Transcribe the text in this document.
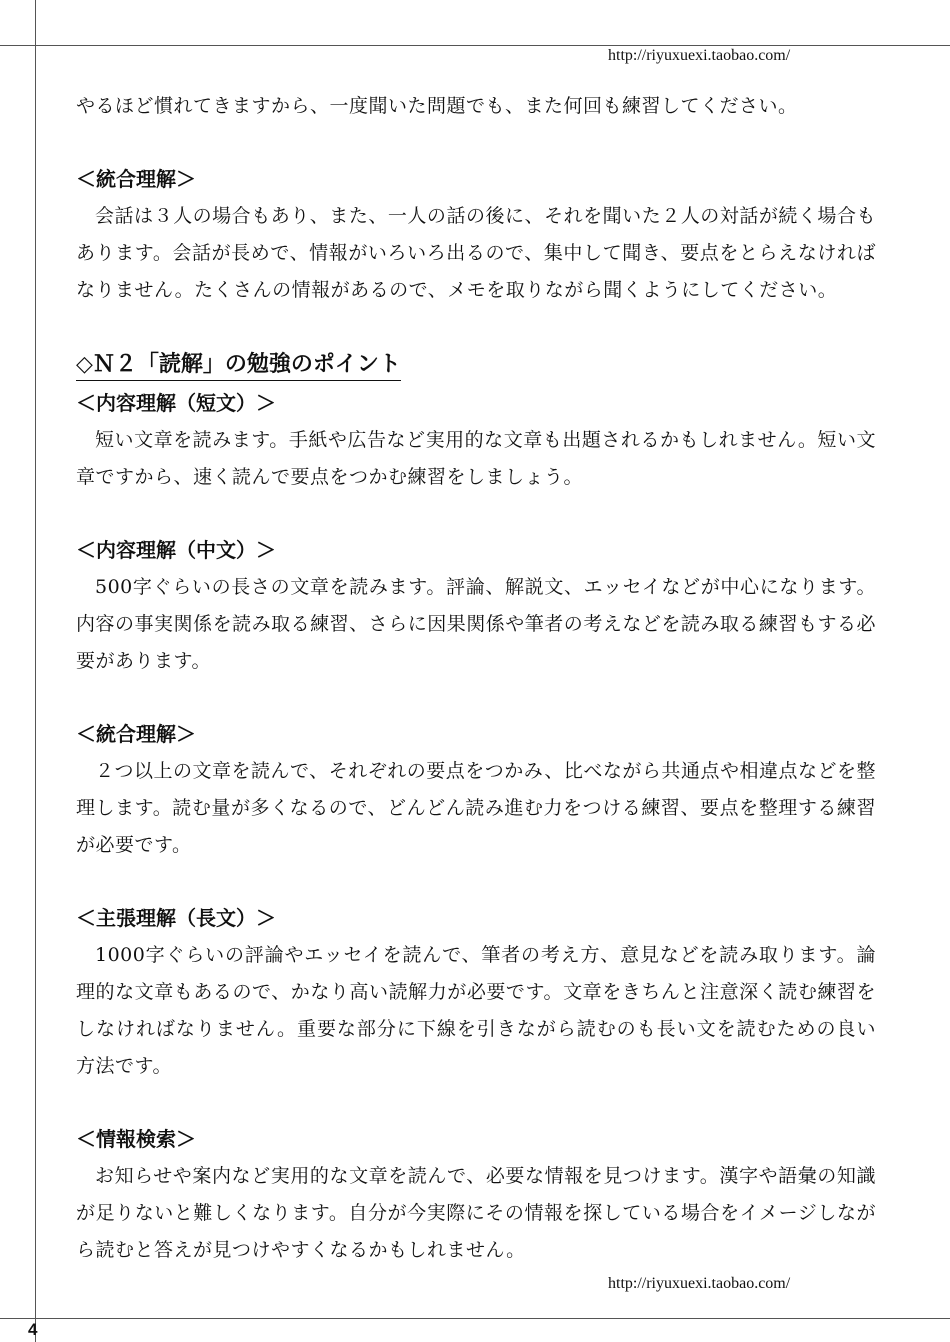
http://riyuxuexi.taobao.com/

やるほど慣れてきますから、一度聞いた問題でも、また何回も練習してください。

＜統合理解＞

会話は３人の場合もあり、また、一人の話の後に、それを聞いた２人の対話が続く場合もあります。会話が長めで、情報がいろいろ出るので、集中して聞き、要点をとらえなければなりません。たくさんの情報があるので、メモを取りながら聞くようにしてください。

◇Ｎ２「読解」の勉強のポイント

＜内容理解（短文）＞

短い文章を読みます。手紙や広告など実用的な文章も出題されるかもしれません。短い文章ですから、速く読んで要点をつかむ練習をしましょう。

＜内容理解（中文）＞

500字ぐらいの長さの文章を読みます。評論、解説文、エッセイなどが中心になります。内容の事実関係を読み取る練習、さらに因果関係や筆者の考えなどを読み取る練習もする必要があります。

＜統合理解＞

２つ以上の文章を読んで、それぞれの要点をつかみ、比べながら共通点や相違点などを整理します。読む量が多くなるので、どんどん読み進む力をつける練習、要点を整理する練習が必要です。

＜主張理解（長文）＞

1000字ぐらいの評論やエッセイを読んで、筆者の考え方、意見などを読み取ります。論理的な文章もあるので、かなり高い読解力が必要です。文章をきちんと注意深く読む練習をしなければなりません。重要な部分に下線を引きながら読むのも長い文を読むための良い方法です。

＜情報検索＞

お知らせや案内など実用的な文章を読んで、必要な情報を見つけます。漢字や語彙の知識が足りないと難しくなります。自分が今実際にその情報を探している場合をイメージしながら読むと答えが見つけやすくなるかもしれません。

http://riyuxuexi.taobao.com/
4
